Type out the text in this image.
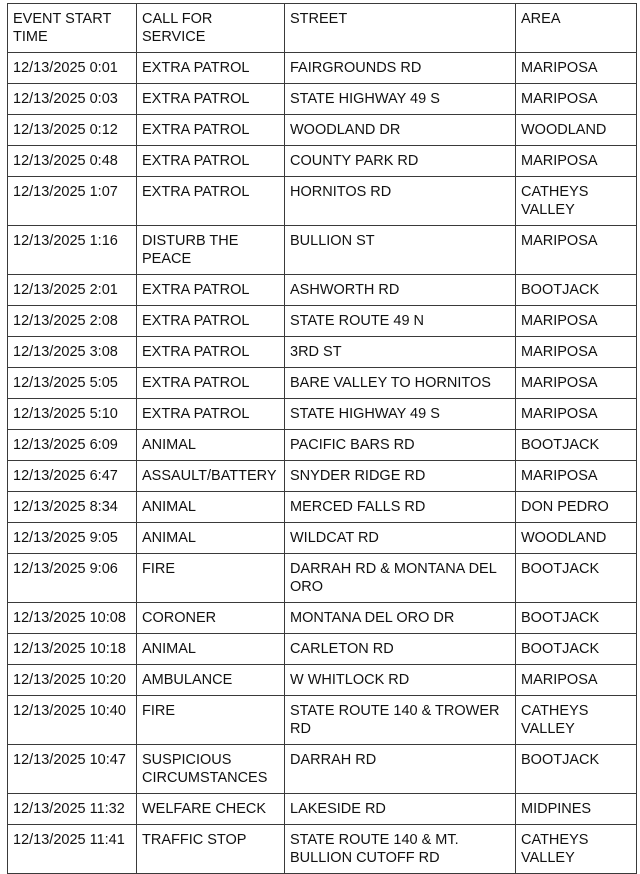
EVENT START TIME	CALL FOR SERVICE	STREET	AREA
12/13/2025 0:01	EXTRA PATROL	FAIRGROUNDS RD	MARIPOSA
12/13/2025 0:03	EXTRA PATROL	STATE HIGHWAY 49 S	MARIPOSA
12/13/2025 0:12	EXTRA PATROL	WOODLAND DR	WOODLAND
12/13/2025 0:48	EXTRA PATROL	COUNTY PARK RD	MARIPOSA
12/13/2025 1:07	EXTRA PATROL	HORNITOS RD	CATHEYS VALLEY
12/13/2025 1:16	DISTURB THE PEACE	BULLION ST	MARIPOSA
12/13/2025 2:01	EXTRA PATROL	ASHWORTH RD	BOOTJACK
12/13/2025 2:08	EXTRA PATROL	STATE ROUTE 49 N	MARIPOSA
12/13/2025 3:08	EXTRA PATROL	3RD ST	MARIPOSA
12/13/2025 5:05	EXTRA PATROL	BARE VALLEY TO HORNITOS	MARIPOSA
12/13/2025 5:10	EXTRA PATROL	STATE HIGHWAY 49 S	MARIPOSA
12/13/2025 6:09	ANIMAL	PACIFIC BARS RD	BOOTJACK
12/13/2025 6:47	ASSAULT/BATTERY	SNYDER RIDGE RD	MARIPOSA
12/13/2025 8:34	ANIMAL	MERCED FALLS RD	DON PEDRO
12/13/2025 9:05	ANIMAL	WILDCAT RD	WOODLAND
12/13/2025 9:06	FIRE	DARRAH RD & MONTANA DEL ORO	BOOTJACK
12/13/2025 10:08	CORONER	MONTANA DEL ORO DR	BOOTJACK
12/13/2025 10:18	ANIMAL	CARLETON RD	BOOTJACK
12/13/2025 10:20	AMBULANCE	W WHITLOCK RD	MARIPOSA
12/13/2025 10:40	FIRE	STATE ROUTE 140 & TROWER RD	CATHEYS VALLEY
12/13/2025 10:47	SUSPICIOUS CIRCUMSTANCES	DARRAH RD	BOOTJACK
12/13/2025 11:32	WELFARE CHECK	LAKESIDE RD	MIDPINES
12/13/2025 11:41	TRAFFIC STOP	STATE ROUTE 140 & MT. BULLION CUTOFF RD	CATHEYS VALLEY
